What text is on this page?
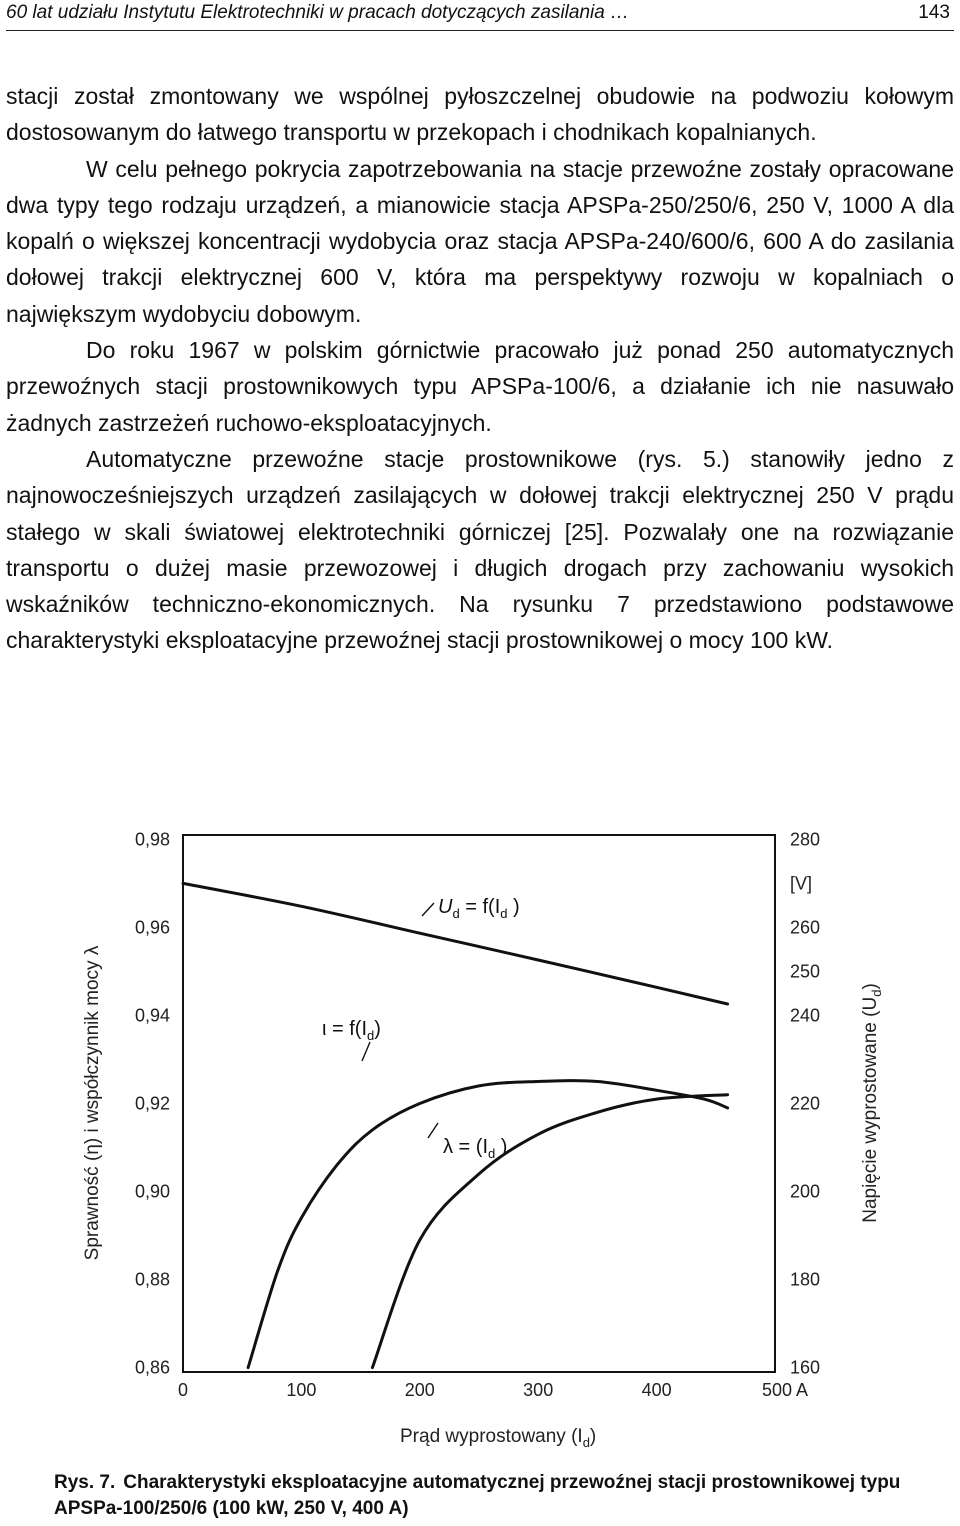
60 lat udziału Instytutu Elektrotechniki w pracach dotyczących zasilania …	143

stacji został zmontowany we wspólnej pyłoszczelnej obudowie na podwoziu kołowym dostosowanym do łatwego transportu w przekopach i chodnikach kopalnianych.

W celu pełnego pokrycia zapotrzebowania na stacje przewoźne zostały opracowane dwa typy tego rodzaju urządzeń, a mianowicie stacja APSPa-250/250/6, 250 V, 1000 A dla kopalń o większej koncentracji wydobycia oraz stacja APSPa-240/600/6, 600 A do zasilania dołowej trakcji elektrycznej 600 V, która ma perspektywy rozwoju w kopalniach o największym wydobyciu dobowym.

Do roku 1967 w polskim górnictwie pracowało już ponad 250 automatycznych przewoźnych stacji prostownikowych typu APSPa-100/6, a działanie ich nie nasuwało żadnych zastrzeżeń ruchowo-eksploatacyjnych.

Automatyczne przewoźne stacje prostownikowe (rys. 5.) stanowiły jedno z najnowocześniejszych urządzeń zasilających w dołowej trakcji elektrycznej 250 V prądu stałego w skali światowej elektrotechniki górniczej [25]. Pozwalały one na rozwiązanie transportu o dużej masie przewozowej i długich drogach przy zachowaniu wysokich wskaźników techniczno-ekonomicznych. Na rysunku 7 przedstawiono podstawowe charakterystyki eksploatacyjne przewoźnej stacji prostownikowej o mocy 100 kW.

0	100	200	300	400	500 A
0,98
0,96
0,94
0,92
0,90
0,88
0,86
280
[V]
260
250
240
220
200
180
160
Prąd wyprostowany $(I_d)$
Sprawność (η) i współczynnik mocy λ	Napięcie wyprostowane $(U_d)$
$U_d = f(I_d$ )
$\iota = f(I_d)$
$\lambda = (I_d$ )
Rys. 7. Charakterystyki eksploatacyjne automatycznej przewoźnej stacji prostownikowej typu APSPa-100/250/6 (100 kW, 250 V, 400 A)
